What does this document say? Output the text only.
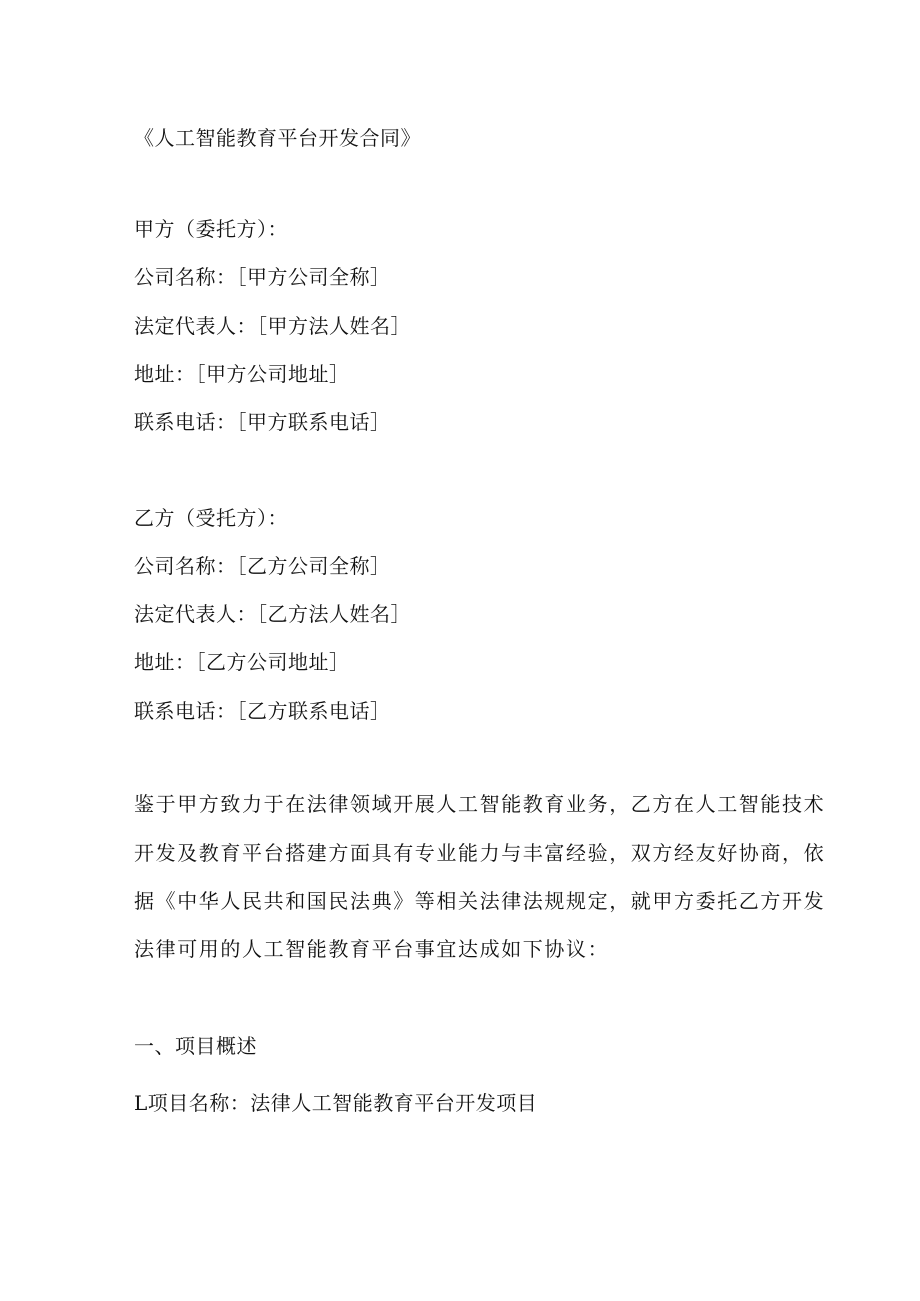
《人工智能教育平台开发合同》
甲方（委托方）：
公司名称：［甲方公司全称］
法定代表人：［甲方法人姓名］
地址：［甲方公司地址］
联系电话：［甲方联系电话］
乙方（受托方）：
公司名称：［乙方公司全称］
法定代表人：［乙方法人姓名］
地址：［乙方公司地址］
联系电话：［乙方联系电话］
鉴于甲方致力于在法律领域开展人工智能教育业务，乙方在人工智能技术
开发及教育平台搭建方面具有专业能力与丰富经验，双方经友好协商，依
据《中华人民共和国民法典》等相关法律法规规定，就甲方委托乙方开发
法律可用的人工智能教育平台事宜达成如下协议：
一、项目概述
L项目名称：法律人工智能教育平台开发项目
